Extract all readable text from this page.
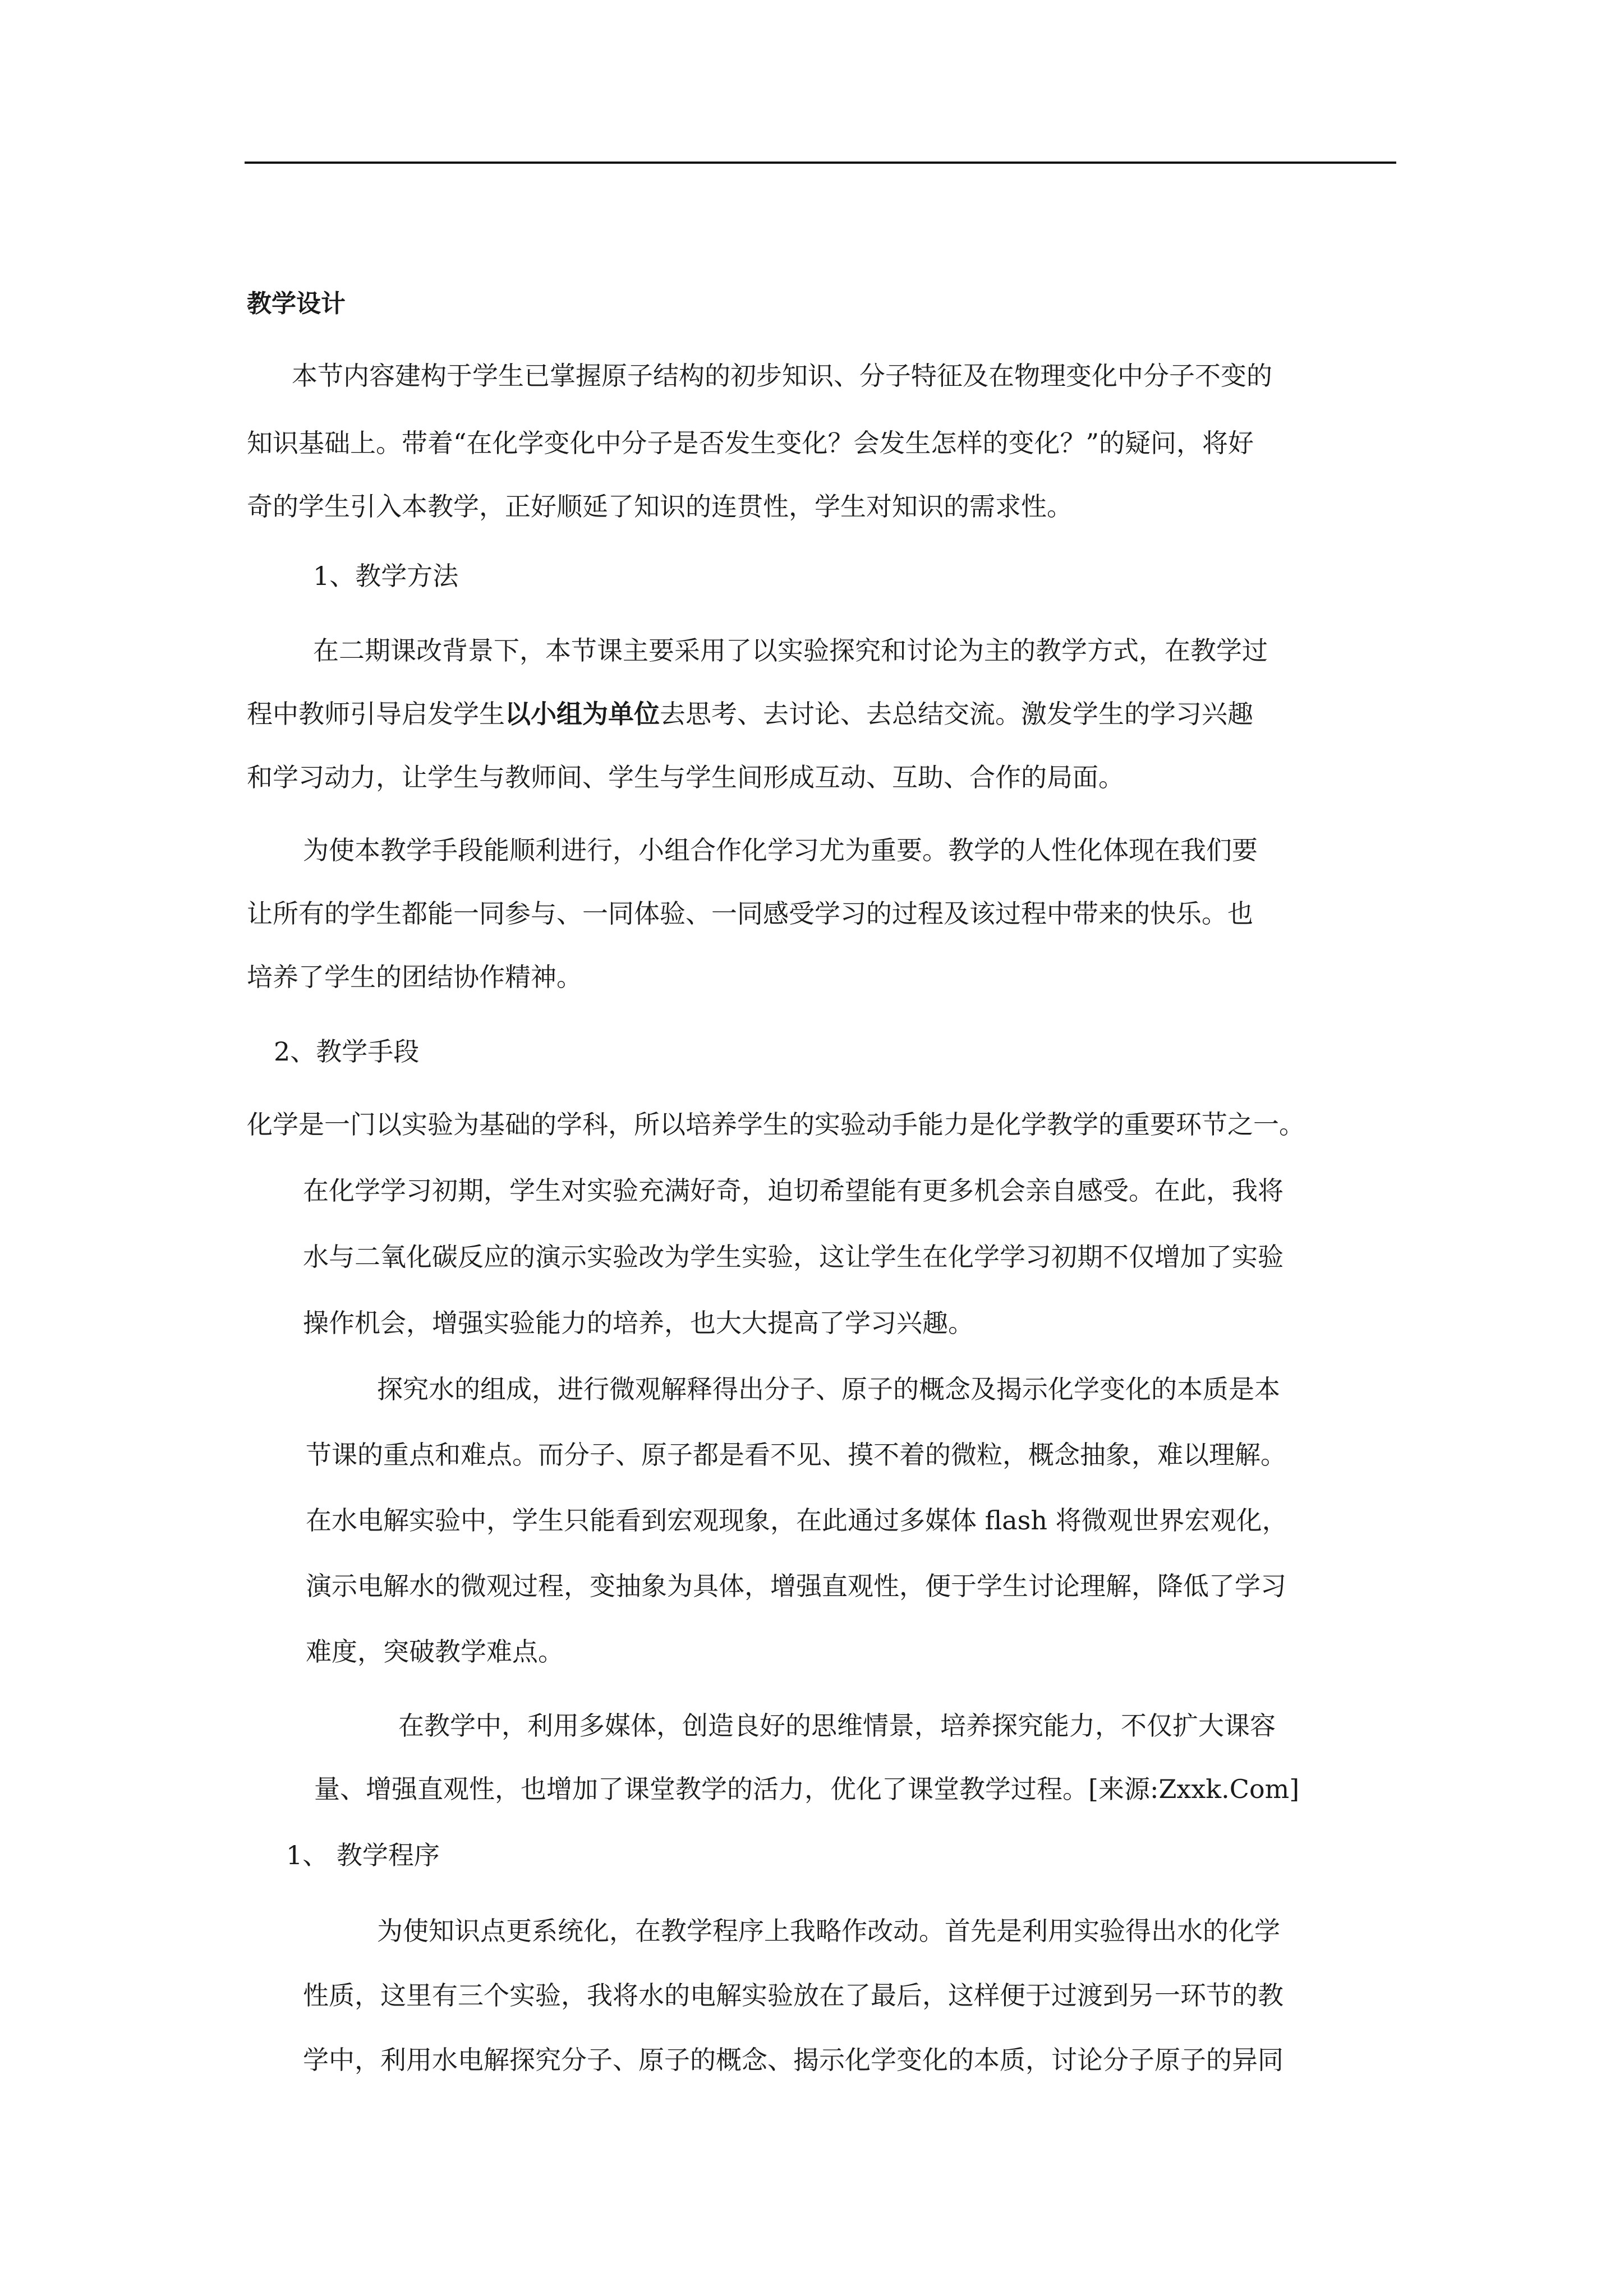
教学设计
本节内容建构于学生已掌握原子结构的初步知识、分子特征及在物理变化中分子不变的
知识基础上。带着“在化学变化中分子是否发生变化？会发生怎样的变化？”的疑问，将好
奇的学生引入本教学，正好顺延了知识的连贯性，学生对知识的需求性。
1、教学方法
在二期课改背景下，本节课主要采用了以实验探究和讨论为主的教学方式，在教学过
程中教师引导启发学生以小组为单位去思考、去讨论、去总结交流。激发学生的学习兴趣
和学习动力，让学生与教师间、学生与学生间形成互动、互助、合作的局面。
为使本教学手段能顺利进行，小组合作化学习尤为重要。教学的人性化体现在我们要
让所有的学生都能一同参与、一同体验、一同感受学习的过程及该过程中带来的快乐。也
培养了学生的团结协作精神。
2、教学手段
化学是一门以实验为基础的学科，所以培养学生的实验动手能力是化学教学的重要环节之一。
在化学学习初期，学生对实验充满好奇，迫切希望能有更多机会亲自感受。在此，我将
水与二氧化碳反应的演示实验改为学生实验，这让学生在化学学习初期不仅增加了实验
操作机会，增强实验能力的培养，也大大提高了学习兴趣。
探究水的组成，进行微观解释得出分子、原子的概念及揭示化学变化的本质是本
节课的重点和难点。而分子、原子都是看不见、摸不着的微粒，概念抽象，难以理解。
在水电解实验中，学生只能看到宏观现象，在此通过多媒体 flash 将微观世界宏观化，
演示电解水的微观过程，变抽象为具体，增强直观性，便于学生讨论理解，降低了学习
难度，突破教学难点。
在教学中，利用多媒体，创造良好的思维情景，培养探究能力，不仅扩大课容
量、增强直观性，也增加了课堂教学的活力，优化了课堂教学过程。[来源:Zxxk.Com]
1、 教学程序
为使知识点更系统化，在教学程序上我略作改动。首先是利用实验得出水的化学
性质，这里有三个实验，我将水的电解实验放在了最后，这样便于过渡到另一环节的教
学中，利用水电解探究分子、原子的概念、揭示化学变化的本质，讨论分子原子的异同
